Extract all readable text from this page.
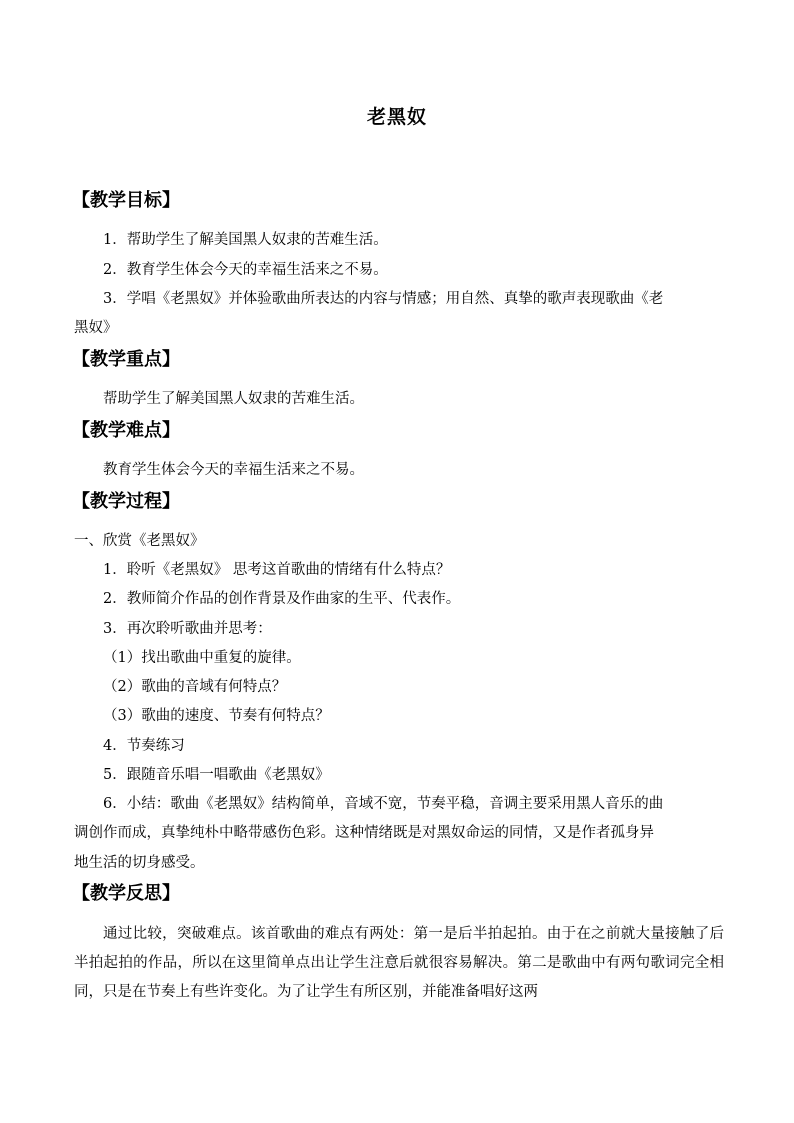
老黑奴
【教学目标】
1．帮助学生了解美国黑人奴隶的苦难生活。
2．教育学生体会今天的幸福生活来之不易。
3．学唱《老黑奴》并体验歌曲所表达的内容与情感；用自然、真挚的歌声表现歌曲《老
黑奴》
【教学重点】
帮助学生了解美国黑人奴隶的苦难生活。
【教学难点】
教育学生体会今天的幸福生活来之不易。
【教学过程】
一、欣赏《老黑奴》
1．聆听《老黑奴》 思考这首歌曲的情绪有什么特点？
2．教师简介作品的创作背景及作曲家的生平、代表作。
3．再次聆听歌曲并思考：
（1）找出歌曲中重复的旋律。
（2）歌曲的音域有何特点？
（3）歌曲的速度、节奏有何特点？
4．节奏练习
5．跟随音乐唱一唱歌曲《老黑奴》
6．小结：歌曲《老黑奴》结构简单，音域不宽，节奏平稳，音调主要采用黑人音乐的曲
调创作而成，真挚纯朴中略带感伤色彩。这种情绪既是对黑奴命运的同情，又是作者孤身异
地生活的切身感受。
【教学反思】
通过比较，突破难点。该首歌曲的难点有两处：第一是后半拍起拍。由于在之前就大量接触了后半拍起拍的作品，所以在这里简单点出让学生注意后就很容易解决。第二是歌曲中有两句歌词完全相同，只是在节奏上有些许变化。为了让学生有所区别，并能准备唱好这两
